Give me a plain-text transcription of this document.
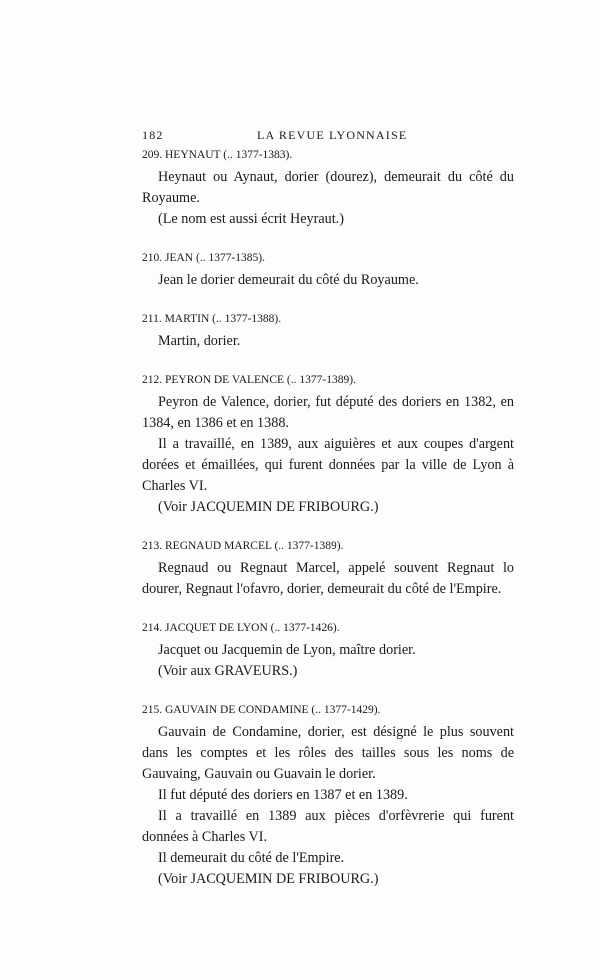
182	LA REVUE LYONNAISE
209. HEYNAUT (.. 1377-1383).

Heynaut ou Aynaut, dorier (dourez), demeurait du côté du Royaume.

(Le nom est aussi écrit Heyraut.)

210. JEAN (.. 1377-1385).

Jean le dorier demeurait du côté du Royaume.

211. MARTIN (.. 1377-1388).

Martin, dorier.

212. PEYRON DE VALENCE (.. 1377-1389).

Peyron de Valence, dorier, fut député des doriers en 1382, en 1384, en 1386 et en 1388.

Il a travaillé, en 1389, aux aiguières et aux coupes d'argent dorées et émaillées, qui furent données par la ville de Lyon à Charles VI.

(Voir JACQUEMIN DE FRIBOURG.)

213. REGNAUD MARCEL (.. 1377-1389).

Regnaud ou Regnaut Marcel, appelé souvent Regnaut lo dourer, Regnaut l'ofavro, dorier, demeurait du côté de l'Empire.

214. JACQUET DE LYON (.. 1377-1426).

Jacquet ou Jacquemin de Lyon, maître dorier.

(Voir aux GRAVEURS.)

215. GAUVAIN DE CONDAMINE (.. 1377-1429).

Gauvain de Condamine, dorier, est désigné le plus souvent dans les comptes et les rôles des tailles sous les noms de Gauvaing, Gauvain ou Guavain le dorier.

Il fut député des doriers en 1387 et en 1389.

Il a travaillé en 1389 aux pièces d'orfèvrerie qui furent données à Charles VI.

Il demeurait du côté de l'Empire.

(Voir JACQUEMIN DE FRIBOURG.)
